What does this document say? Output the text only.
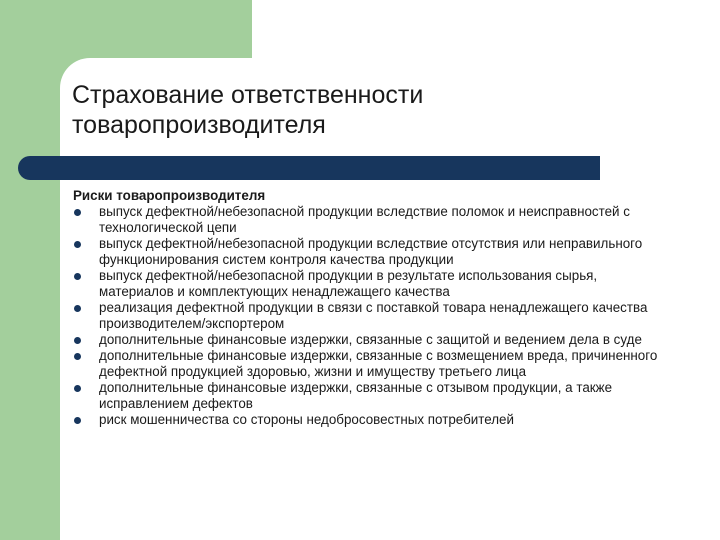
Страхование ответственности товаропроизводителя
Риски товаропроизводителя
выпуск дефектной/небезопасной продукции вследствие поломок и неисправностей с технологической цепи
выпуск дефектной/небезопасной продукции вследствие отсутствия или неправильного функционирования систем контроля качества продукции
выпуск дефектной/небезопасной продукции в результате использования сырья, материалов и комплектующих ненадлежащего качества
реализация дефектной продукции в связи с поставкой товара ненадлежащего качества производителем/экспортером
дополнительные финансовые издержки, связанные с защитой и ведением дела в суде
дополнительные финансовые издержки, связанные с возмещением вреда, причиненного дефектной продукцией здоровью, жизни и имуществу третьего лица
дополнительные финансовые издержки, связанные с отзывом продукции, а также исправлением дефектов
риск мошенничества со стороны недобросовестных потребителей
